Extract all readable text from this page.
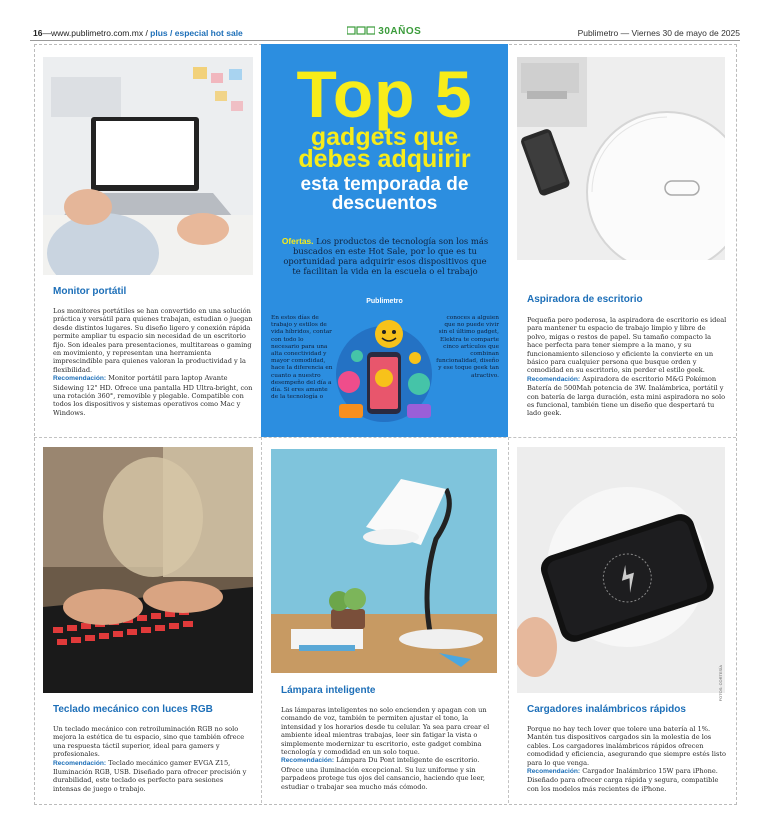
16—www.publimetro.com.mx / plus / especial hot sale	30AÑOS	Publimetro — Viernes 30 de mayo de 2025
Monitor portátil

Los monitores portátiles se han convertido en una solución práctica y versátil para quienes trabajan, estudian o juegan desde distintos lugares. Su diseño ligero y conexión rápida permite ampliar tu espacio sin necesidad de un escritorio fijo. Son ideales para presentaciones, multitareas o gaming en movimiento, y representan una herramienta imprescindible para quienes valoran la productividad y la flexibilidad.
Recomendación: Monitor portátil para laptop Avante Sidewing 12" HD. Ofrece una pantalla HD Ultra-bright, con una rotación 360°, removible y plegable. Compatible con todos los dispositivos y sistemas operativos como Mac y Windows.

Top 5
gadgets que
debes adquirir
esta temporada de
descuentos
Ofertas. Los productos de tecnología son los más buscados en este Hot Sale, por lo que es tu oportunidad para adquirir esos dispositivos que te facilitan la vida en la escuela o el trabajo
Publimetro
En estos días de trabajo y estilos de vida híbridos, contar con todo lo necesario para una alta conectividad y mayor comodidad, hace la diferencia en cuanto a nuestro desempeño del día a día. Si eres amante de la tecnología o
conoces a alguien que no puede vivir sin el último gadget, Elektra te comparte cinco artículos que combinan funcionalidad, diseño y ese toque geek tan atractivo.
Aspiradora de escritorio

Pequeña pero poderosa, la aspiradora de escritorio es ideal para mantener tu espacio de trabajo limpio y libre de polvo, migas o restos de papel. Su tamaño compacto la hace perfecta para tener siempre a la mano, y su funcionamiento silencioso y eficiente la convierte en un básico para cualquier persona que busque orden y comodidad en su escritorio, sin perder el estilo geek.
Recomendación: Aspiradora de escritorio M&G Pokémon Batería de 500Mah potencia de 3W. Inalámbrica, portátil y con batería de larga duración, esta mini aspiradora no solo es funcional, también tiene un diseño que despertará tu lado geek.

Teclado mecánico con luces RGB

Un teclado mecánico con retroiluminación RGB no solo mejora la estética de tu espacio, sino que también ofrece una respuesta táctil superior, ideal para gamers y profesionales.
Recomendación: Teclado mecánico gamer EVGA Z15, Iluminación RGB, USB. Diseñado para ofrecer precisión y durabilidad, este teclado es perfecto para sesiones intensas de juego o trabajo.

Lámpara inteligente

Las lámparas inteligentes no solo encienden y apagan con un comando de voz, también te permiten ajustar el tono, la intensidad y los horarios desde tu celular. Ya sea para crear el ambiente ideal mientras trabajas, leer sin fatigar la vista o simplemente modernizar tu escritorio, este gadget combina tecnología y comodidad en un solo toque.
Recomendación: Lámpara Du Pont inteligente de escritorio. Ofrece una iluminación excepcional. Su luz uniforme y sin parpadeos protege tus ojos del cansancio, haciendo que leer, estudiar o trabajar sea mucho más cómodo.

FOTOS: CORTESÍA
Cargadores inalámbricos rápidos

Porque no hay tech lover que tolere una batería al 1%. Mantén tus dispositivos cargados sin la molestia de los cables. Los cargadores inalámbricos rápidos ofrecen comodidad y eficiencia, asegurando que siempre estés listo para lo que venga.
Recomendación: Cargador Inalámbrico 15W para iPhone. Diseñado para ofrecer carga rápida y segura, compatible con los modelos más recientes de iPhone.
